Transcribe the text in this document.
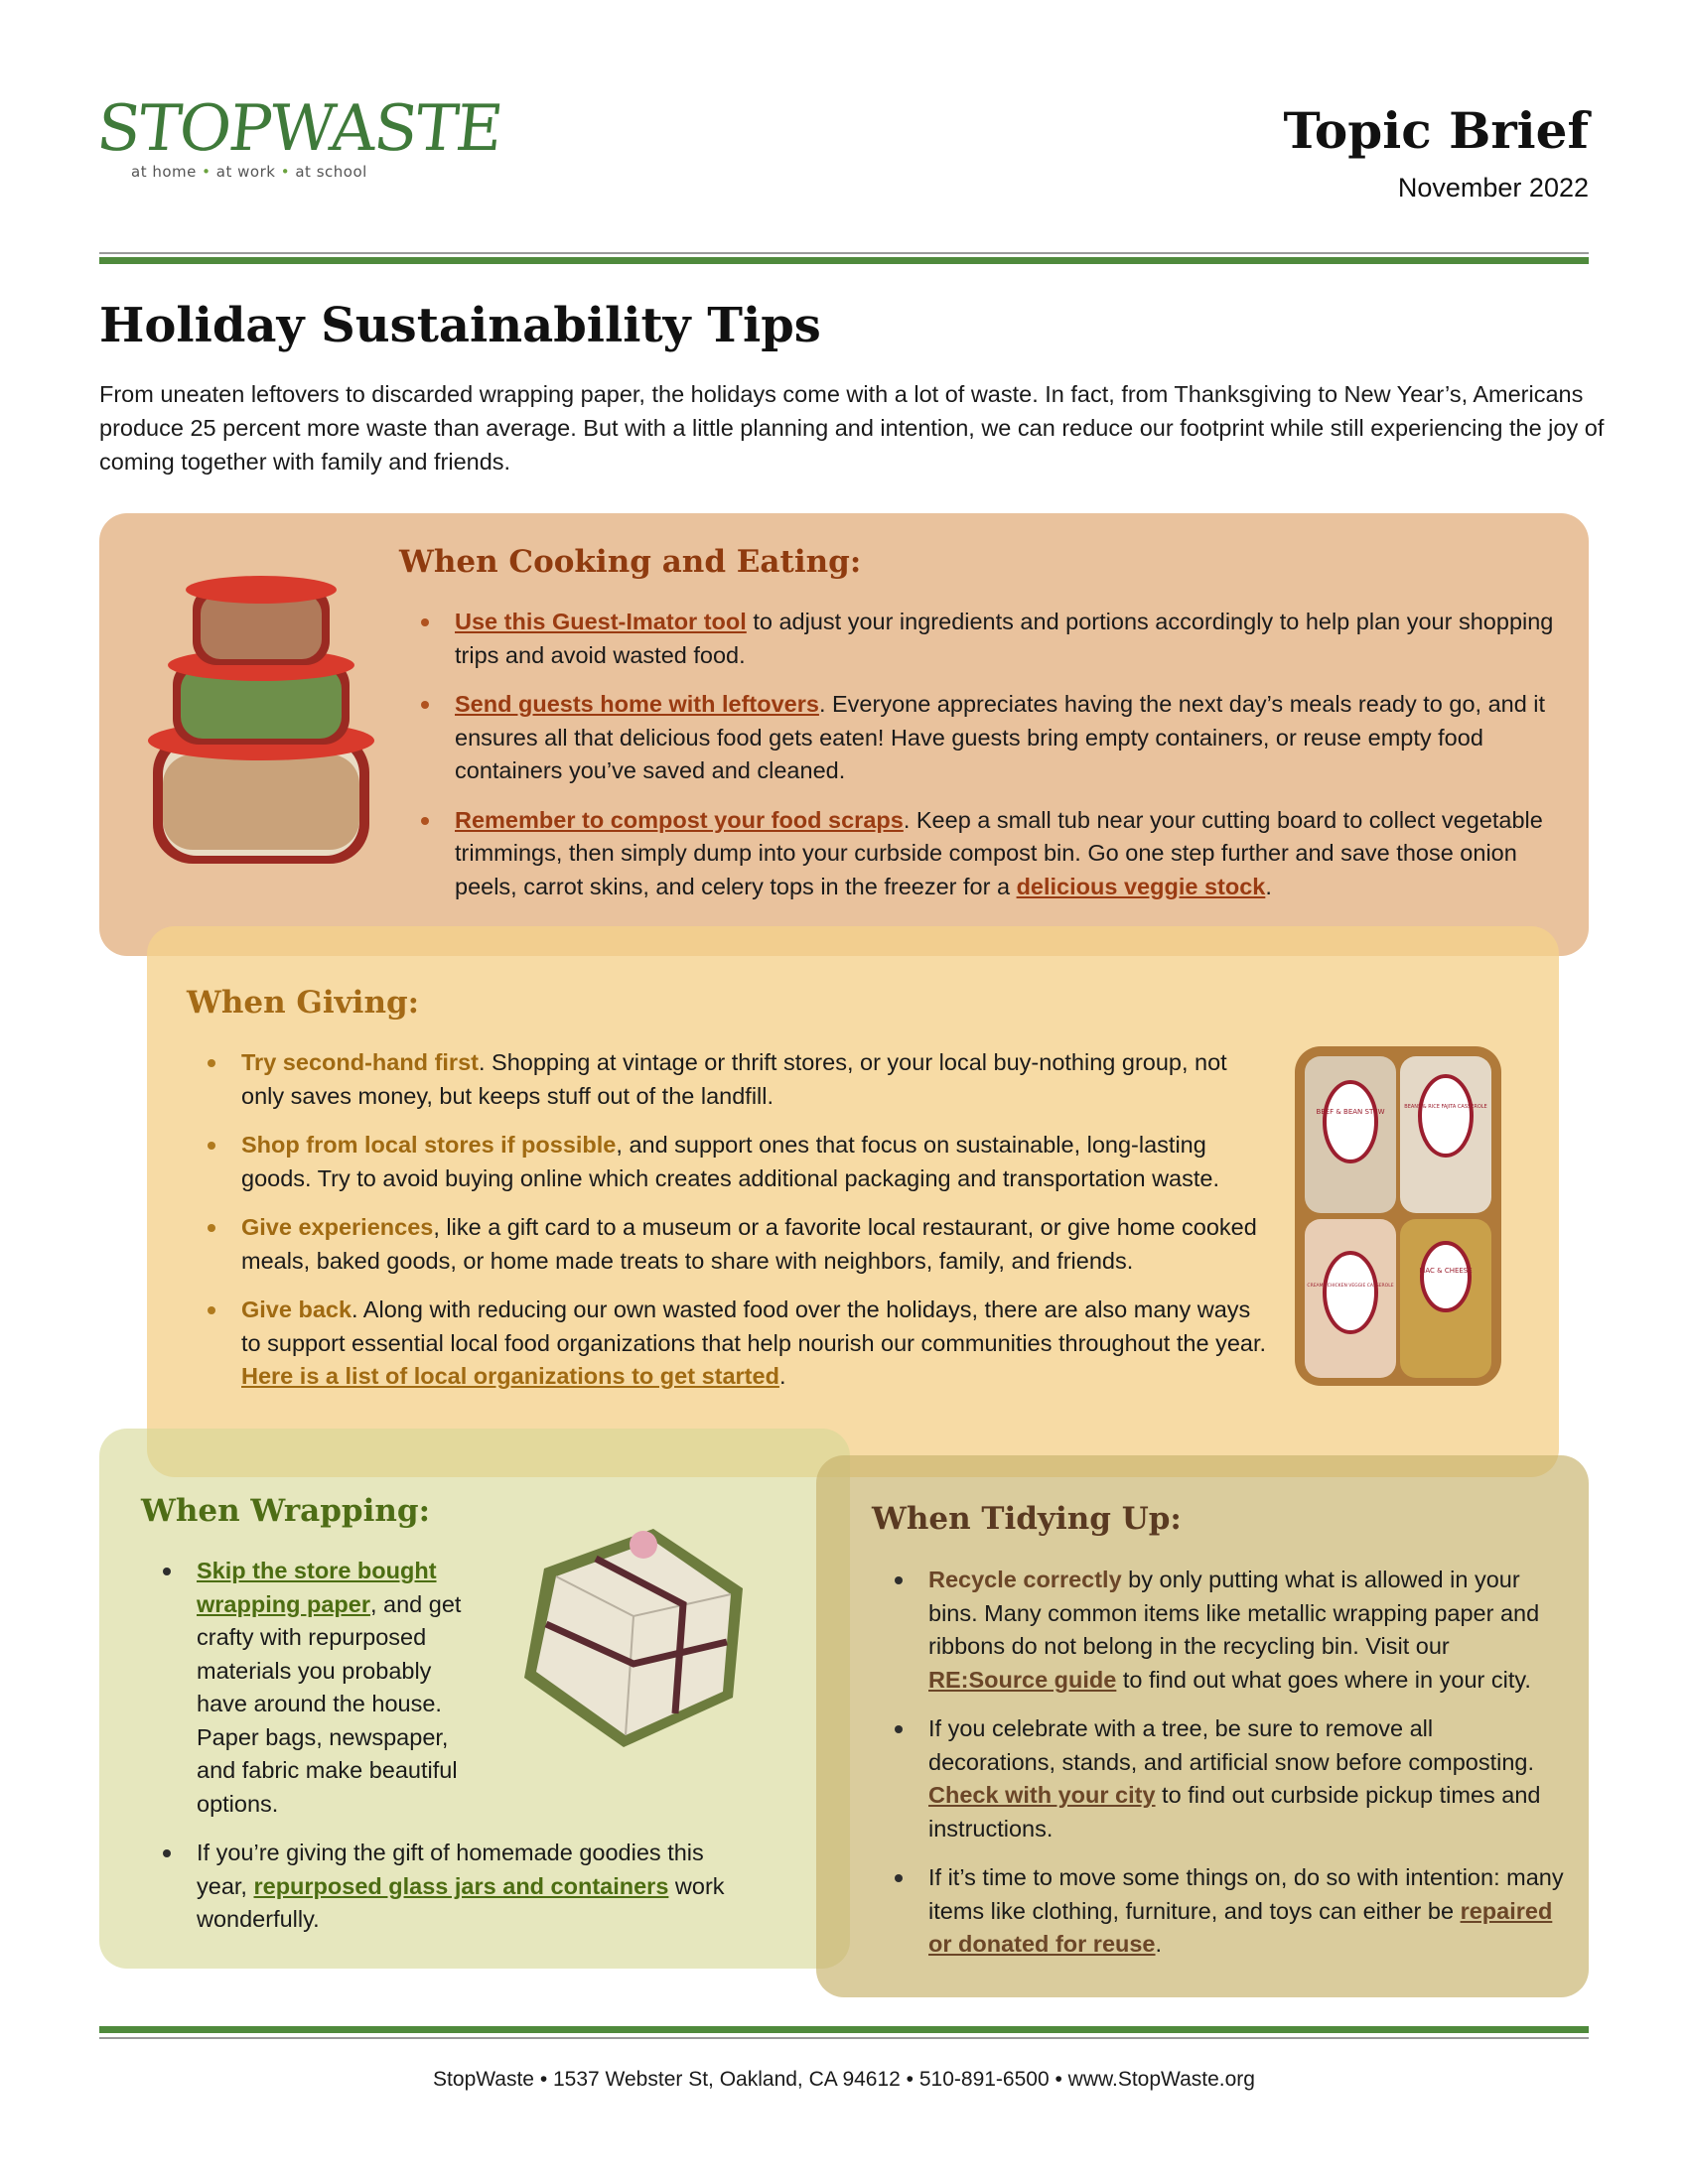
STOPWASTE
at home • at work • at school
Topic Brief
November 2022
Holiday Sustainability Tips
From uneaten leftovers to discarded wrapping paper, the holidays come with a lot of waste. In fact, from Thanksgiving to New Year’s, Americans produce 25 percent more waste than average. But with a little planning and intention, we can reduce our footprint while still experiencing the joy of coming together with family and friends.
When Cooking and Eating:
Use this Guest-Imator tool to adjust your ingredients and portions accordingly to help plan your shopping trips and avoid wasted food.
Send guests home with leftovers. Everyone appreciates having the next day’s meals ready to go, and it ensures all that delicious food gets eaten! Have guests bring empty containers, or reuse empty food containers you’ve saved and cleaned.
Remember to compost your food scraps. Keep a small tub near your cutting board to collect vegetable trimmings, then simply dump into your curbside compost bin. Go one step further and save those onion peels, carrot skins, and celery tops in the freezer for a delicious veggie stock.
When Giving:
Try second-hand first. Shopping at vintage or thrift stores, or your local buy-nothing group, not only saves money, but keeps stuff out of the landfill.
Shop from local stores if possible, and support ones that focus on sustainable, long-lasting goods. Try to avoid buying online which creates additional packaging and transportation waste.
Give experiences, like a gift card to a museum or a favorite local restaurant, or give home cooked meals, baked goods, or home made treats to share with neighbors, family, and friends.
Give back. Along with reducing our own wasted food over the holidays, there are also many ways to support essential local food organizations that help nourish our communities throughout the year. Here is a list of local organizations to get started.
BEEF & BEAN STEW
BEANS & RICE FAJITA CASSEROLE
CREAMY CHICKEN VEGGIE CASSEROLE
MAC & CHEESE
When Wrapping:
Skip the store bought wrapping paper, and get crafty with repurposed materials you probably have around the house. Paper bags, newspaper, and fabric make beautiful options.
If you’re giving the gift of homemade goodies this year, repurposed glass jars and containers work wonderfully.
When Tidying Up:
Recycle correctly by only putting what is allowed in your bins. Many common items like metallic wrapping paper and ribbons do not belong in the recycling bin. Visit our RE:Source guide to find out what goes where in your city.
If you celebrate with a tree, be sure to remove all decorations, stands, and artificial snow before composting. Check with your city to find out curbside pickup times and instructions.
If it’s time to move some things on, do so with intention: many items like clothing, furniture, and toys can either be repaired or donated for reuse.
StopWaste • 1537 Webster St, Oakland, CA 94612 • 510-891-6500 • www.StopWaste.org
